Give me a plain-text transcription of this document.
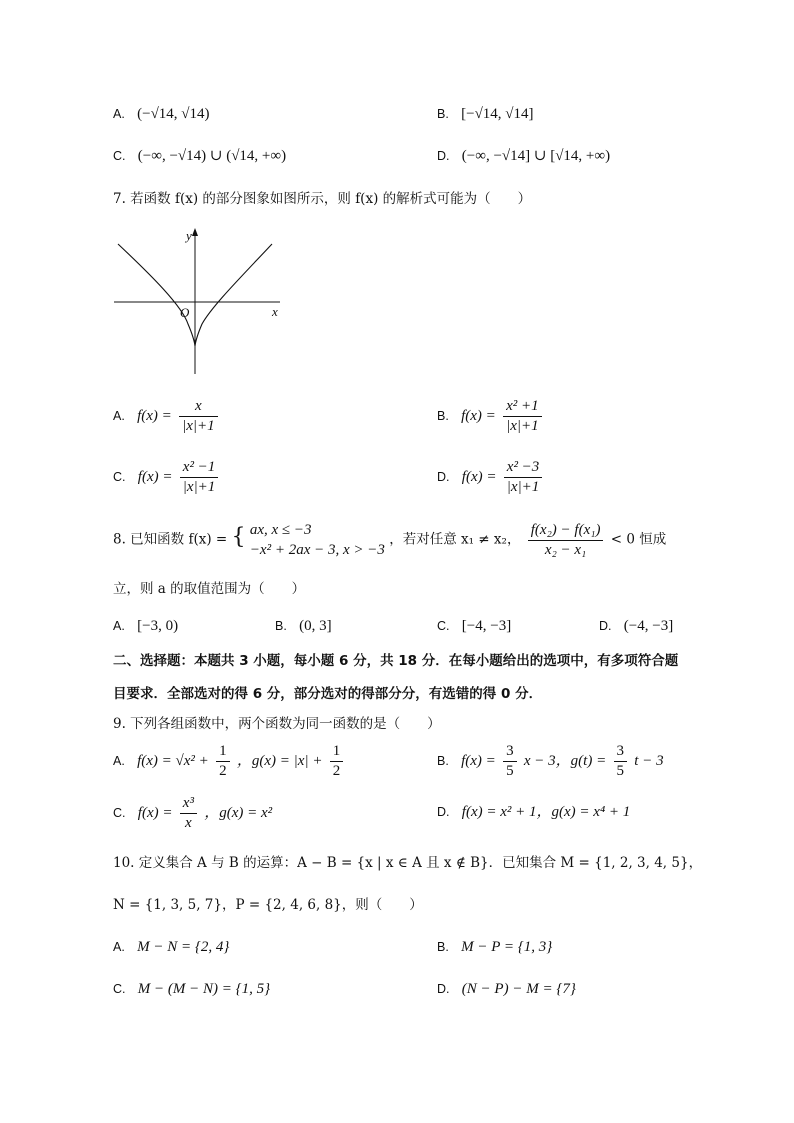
A. (−√14, √14)	B. [−√14, √14]
C. (−∞, −√14) ∪ (√14, +∞)	D. (−∞, −√14] ∪ [√14, +∞)
7. 若函数 f(x) 的部分图象如图所示，则 f(x) 的解析式可能为（　　）
y
x
O
A. $f(x) = \frac{x}{|x|+1}$	B. $f(x) = \frac{\text{x² +1}}{|x|+1}$
C. $f(x) = \frac{\text{x² −1}}{|x|+1}$	D. $f(x) = \frac{\text{x² −3}}{|x|+1}$
8. 已知函数 f(x) = { ax, x ≤ −3
−x² + 2ax − 3, x > −3
，若对任意 x₁ ≠ x₂， $\frac{\text{f(x₂) − f(x₁)}}{\text{x₂ − x₁}} < 0$ 恒成
立，则 a 的取值范围为（　　）
A. [−3, 0)	B. (0, 3]	C. [−4, −3]	D. (−4, −3]
二、选择题：本题共 3 小题，每小题 6 分，共 18 分．在每小题给出的选项中，有多项符合题
目要求．全部选对的得 6 分，部分选对的得部分分，有选错的得 0 分．
9. 下列各组函数中，两个函数为同一函数的是（　　）
A. $f(x) = √x^2 + \frac{1}{2}$ ，$g(x) = |x| + \frac{1}{2}$	B. $f(x) = \frac{3}{5}$ x − 3，$g(t) = \frac{3}{5}$ t − 3
C. $f(x) = \frac{\text{x³}}{x}$ ，g(x) = x²	D. f(x) = x² + 1，g(x) = x⁴ + 1
10. 定义集合 A 与 B 的运算：A − B = {x | x ∈ A 且 x ∉ B}．已知集合 M = {1, 2, 3, 4, 5}，
N = {1, 3, 5, 7}，P = {2, 4, 6, 8}，则（　　）
A. M − N = {2, 4}	B. M − P = {1, 3}
C. M − (M − N) = {1, 5}	D. (N − P) − M = {7}
